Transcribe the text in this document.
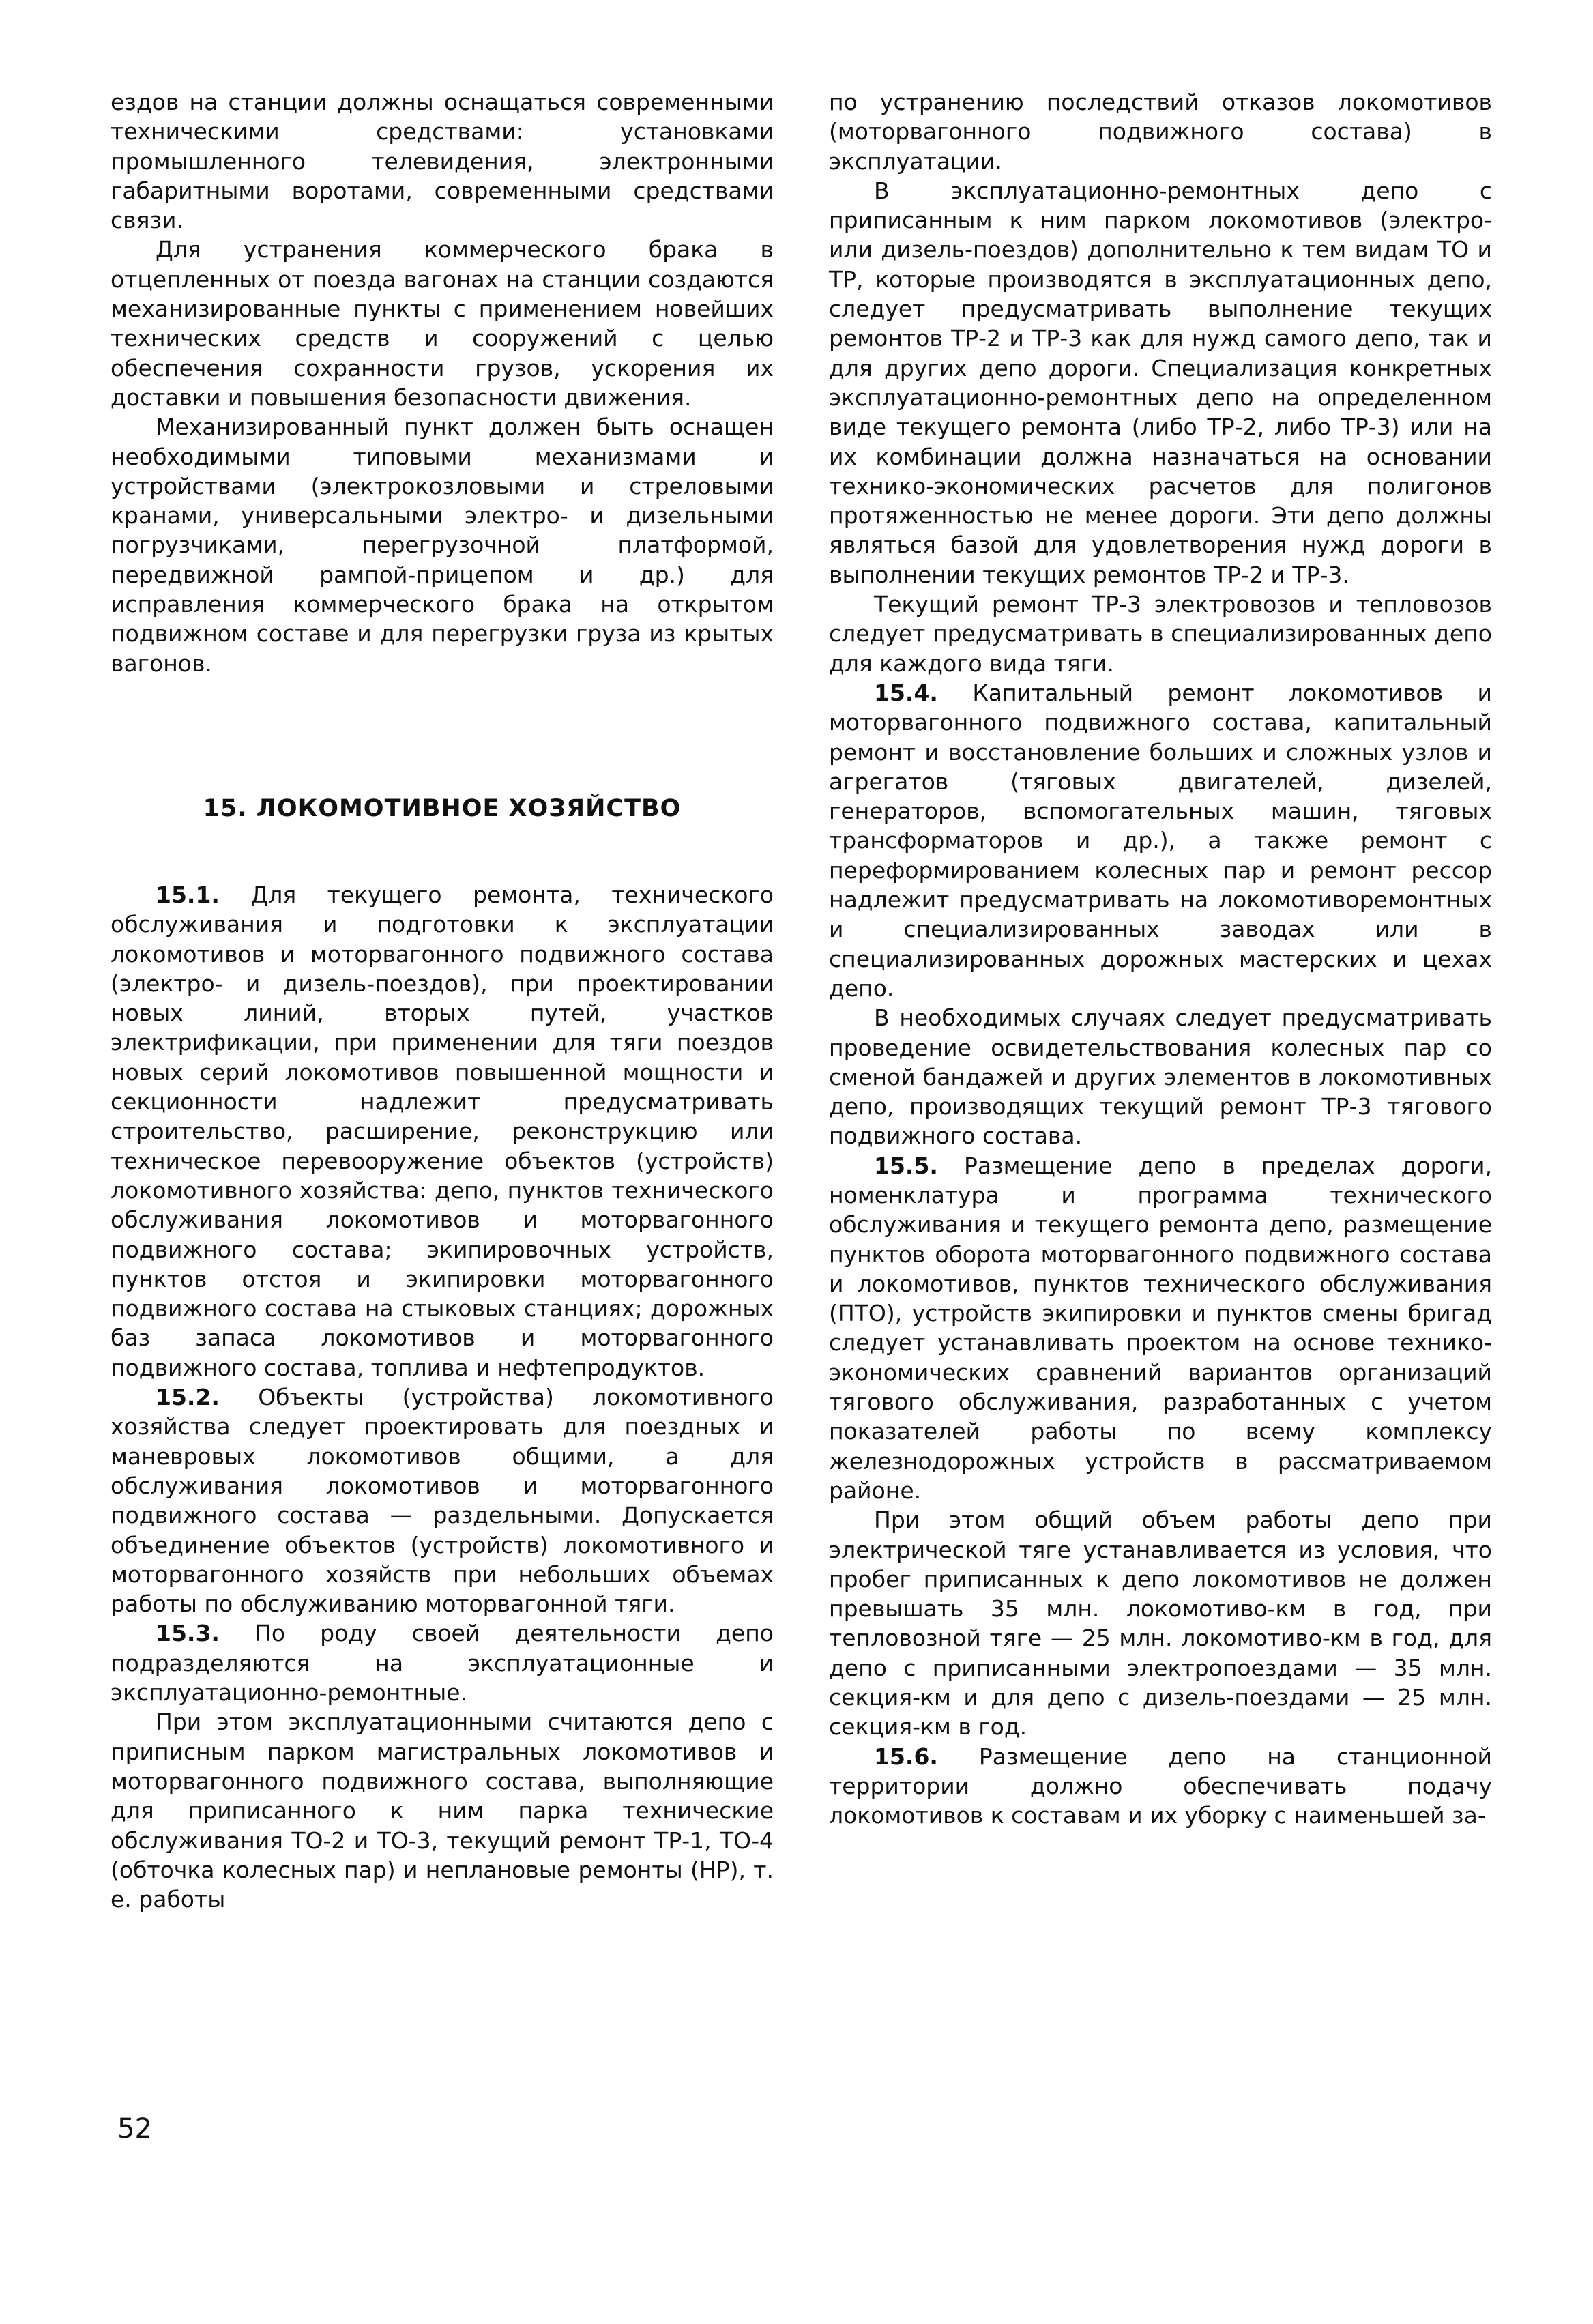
ездов на станции должны оснащаться современными техническими средствами: установками промышленного телевидения, электронными габаритными воротами, современными средствами связи.

Для устранения коммерческого брака в отцепленных от поезда вагонах на станции создаются механизированные пункты с применением новейших технических средств и сооружений с целью обеспечения сохранности грузов, ускорения их доставки и повышения безопасности движения.

Механизированный пункт должен быть оснащен необходимыми типовыми механизмами и устройствами (электрокозловыми и стреловыми кранами, универсальными электро- и дизельными погрузчиками, перегрузочной платформой, передвижной рампой-прицепом и др.) для исправления коммерческого брака на открытом подвижном составе и для перегрузки груза из крытых вагонов.

15. ЛОКОМОТИВНОЕ ХОЗЯЙСТВО

15.1. Для текущего ремонта, технического обслуживания и подготовки к эксплуатации локомотивов и моторвагонного подвижного состава (электро- и дизель-поездов), при проектировании новых линий, вторых путей, участков электрификации, при применении для тяги поездов новых серий локомотивов повышенной мощности и секционности надлежит предусматривать строительство, расширение, реконструкцию или техническое перевооружение объектов (устройств) локомотивного хозяйства: депо, пунктов технического обслуживания локомотивов и моторвагонного подвижного состава; экипировочных устройств, пунктов отстоя и экипировки моторвагонного подвижного состава на стыковых станциях; дорожных баз запаса локомотивов и моторвагонного подвижного состава, топлива и нефтепродуктов.

15.2. Объекты (устройства) локомотивного хозяйства следует проектировать для поездных и маневровых локомотивов общими, а для обслуживания локомотивов и моторвагонного подвижного состава — раздельными. Допускается объединение объектов (устройств) локомотивного и моторвагонного хозяйств при небольших объемах работы по обслуживанию моторвагонной тяги.

15.3. По роду своей деятельности депо подразделяются на эксплуатационные и эксплуатационно-ремонтные.

При этом эксплуатационными считаются депо с приписным парком магистральных локомотивов и моторвагонного подвижного состава, выполняющие для приписанного к ним парка технические обслуживания ТО-2 и ТО-3, текущий ремонт ТР-1, ТО-4 (обточка колесных пар) и неплановые ремонты (НР), т. е. работы

по устранению последствий отказов локомотивов (моторвагонного подвижного состава) в эксплуатации.

В эксплуатационно-ремонтных депо с приписанным к ним парком локомотивов (электро- или дизель-поездов) дополнительно к тем видам ТО и ТР, которые производятся в эксплуатационных депо, следует предусматривать выполнение текущих ремонтов ТР-2 и ТР-3 как для нужд самого депо, так и для других депо дороги. Специализация конкретных эксплуатационно-ремонтных депо на определенном виде текущего ремонта (либо ТР-2, либо ТР-3) или на их комбинации должна назначаться на основании технико-экономических расчетов для полигонов протяженностью не менее дороги. Эти депо должны являться базой для удовлетворения нужд дороги в выполнении текущих ремонтов ТР-2 и ТР-3.

Текущий ремонт ТР-3 электровозов и тепловозов следует предусматривать в специализированных депо для каждого вида тяги.

15.4. Капитальный ремонт локомотивов и моторвагонного подвижного состава, капитальный ремонт и восстановление больших и сложных узлов и агрегатов (тяговых двигателей, дизелей, генераторов, вспомогательных машин, тяговых трансформаторов и др.), а также ремонт с переформированием колесных пар и ремонт рессор надлежит предусматривать на локомотиворемонтных и специализированных заводах или в специализированных дорожных мастерских и цехах депо.

В необходимых случаях следует предусматривать проведение освидетельствования колесных пар со сменой бандажей и других элементов в локомотивных депо, производящих текущий ремонт ТР-3 тягового подвижного состава.

15.5. Размещение депо в пределах дороги, номенклатура и программа технического обслуживания и текущего ремонта депо, размещение пунктов оборота моторвагонного подвижного состава и локомотивов, пунктов технического обслуживания (ПТО), устройств экипировки и пунктов смены бригад следует устанавливать проектом на основе технико-экономических сравнений вариантов организаций тягового обслуживания, разработанных с учетом показателей работы по всему комплексу железнодорожных устройств в рассматриваемом районе.

При этом общий объем работы депо при электрической тяге устанавливается из условия, что пробег приписанных к депо локомотивов не должен превышать 35 млн. локомотиво-км в год, при тепловозной тяге — 25 млн. локомотиво-км в год, для депо с приписанными электропоездами — 35 млн. секция-км и для депо с дизель-поездами — 25 млн. секция-км в год.

15.6. Размещение депо на станционной территории должно обеспечивать подачу локомотивов к составам и их уборку с наименьшей за-

52
